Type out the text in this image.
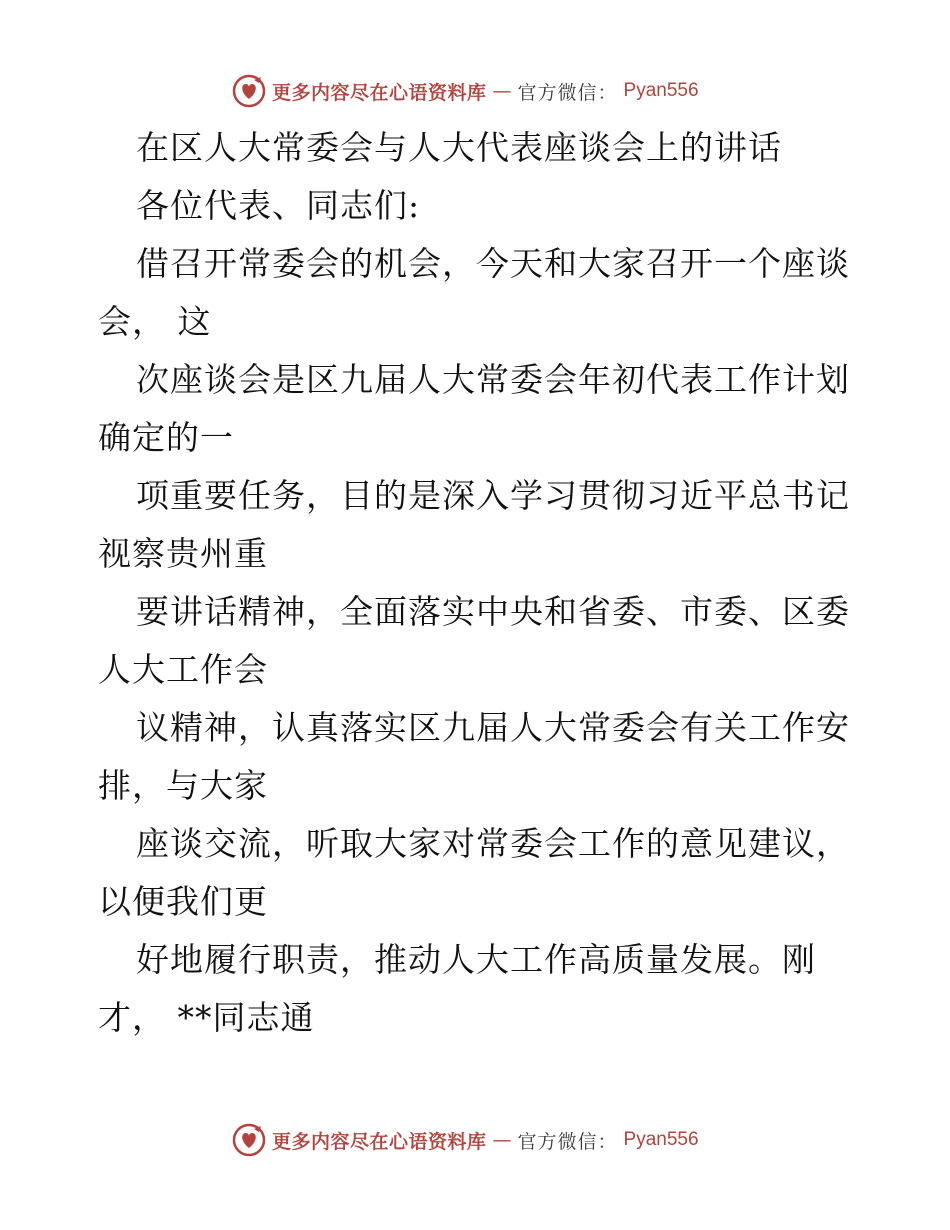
更多内容尽在心语资料库 — 官方微信： Pyan556
在区人大常委会与人大代表座谈会上的讲话
各位代表、同志们:
借召开常委会的机会，今天和大家召开一个座谈
会， 这
次座谈会是区九届人大常委会年初代表工作计划
确定的一
项重要任务，目的是深入学习贯彻习近平总书记
视察贵州重
要讲话精神，全面落实中央和省委、市委、区委
人大工作会
议精神，认真落实区九届人大常委会有关工作安
排，与大家
座谈交流，听取大家对常委会工作的意见建议，
以便我们更
好地履行职责，推动人大工作高质量发展。刚
才， **同志通
更多内容尽在心语资料库 — 官方微信： Pyan556
